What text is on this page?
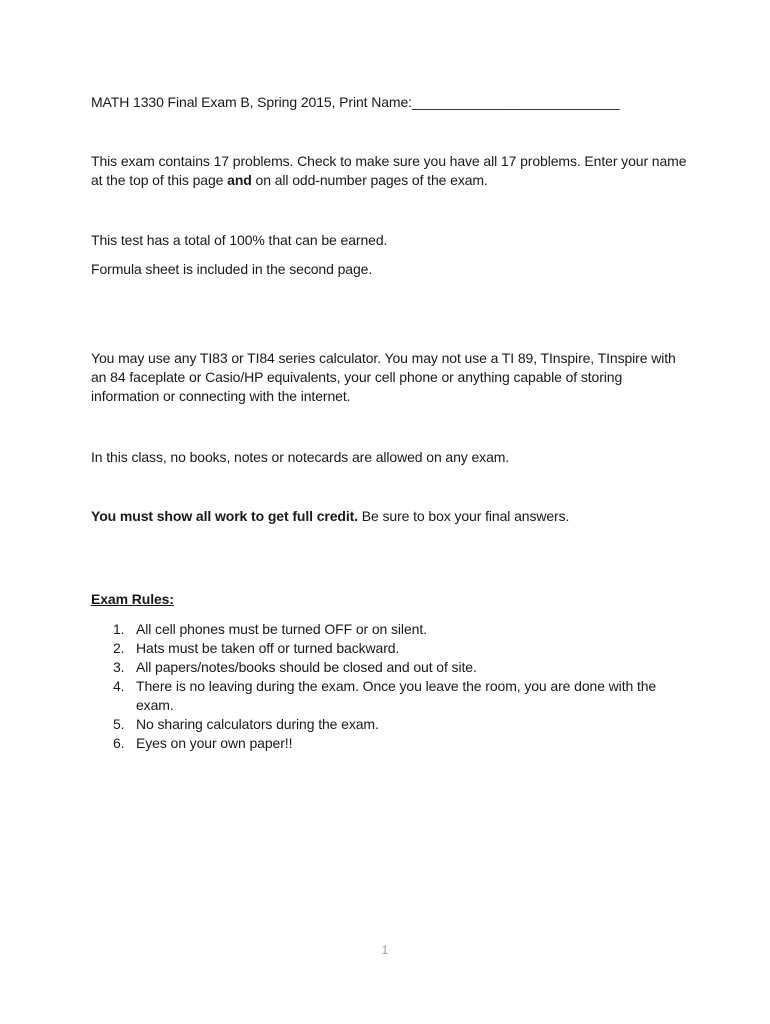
MATH 1330 Final Exam B, Spring 2015, Print Name:___________________________
This exam contains 17 problems. Check to make sure you have all 17 problems. Enter your name at the top of this page and on all odd-number pages of the exam.
This test has a total of 100% that can be earned.
Formula sheet is included in the second page.
You may use any TI83 or TI84 series calculator. You may not use a TI 89, TInspire, TInspire with an 84 faceplate or Casio/HP equivalents, your cell phone or anything capable of storing information or connecting with the internet.
In this class, no books, notes or notecards are allowed on any exam.
You must show all work to get full credit. Be sure to box your final answers.
Exam Rules:
1. All cell phones must be turned OFF or on silent.
2. Hats must be taken off or turned backward.
3. All papers/notes/books should be closed and out of site.
4. There is no leaving during the exam. Once you leave the room, you are done with the exam.
5. No sharing calculators during the exam.
6. Eyes on your own paper!!
1
